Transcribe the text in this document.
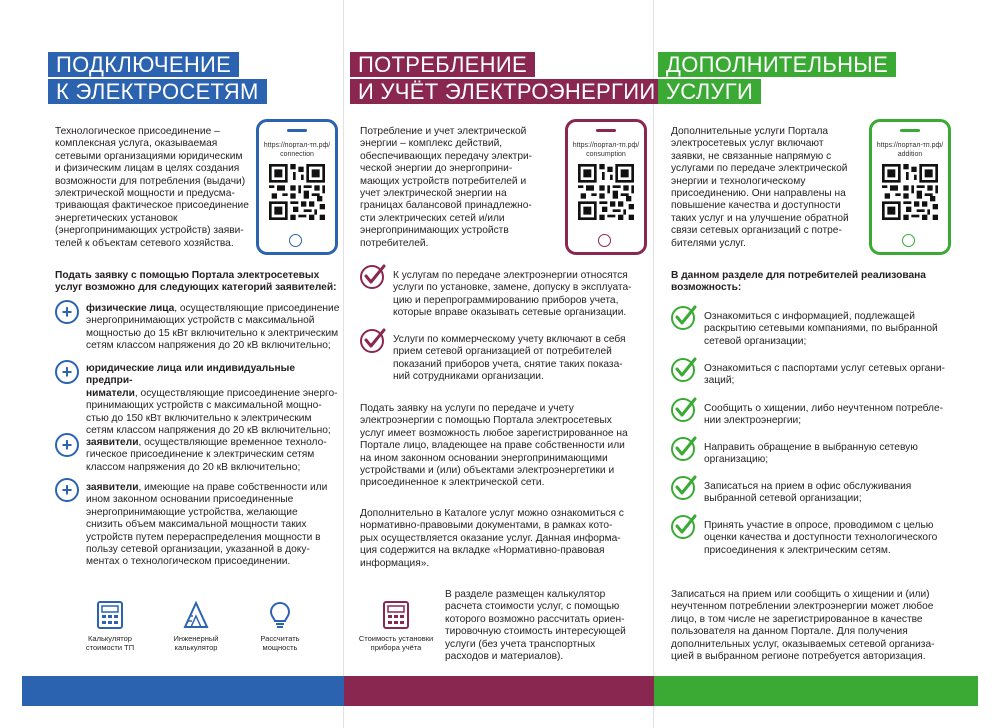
ПОДКЛЮЧЕНИЕ
К ЭЛЕКТРОСЕТЯМ
https://портал-тп.рф/
connection
Технологическое присоединение –
комплексная услуга, оказываемая
сетевыми организациями юридическим
и физическим лицам в целях создания
возможности для потребления (выдачи)
электрической мощности и предусма-
тривающая фактическое присоединение
энергетических установок
(энергопринимающих устройств) заяви-
телей к объектам сетевого хозяйства.
Подать заявку с помощью Портала электросетевых
услуг возможно для следующих категорий заявителей:
+	физические лица, осуществляющие присоединение
энергопринимающих устройств с максимальной
мощностью до 15 кВт включительно к электрическим
сетям классом напряжения до 20 кВ включительно;
+	юридические лица или индивидуальные предпри-
ниматели, осуществляющие присоединение энерго-
принимающих устройств с максимальной мощно-
стью до 150 кВт включительно к электрическим
сетям классом напряжения до 20 кВ включительно;
+	заявители, осуществляющие временное техноло-
гическое присоединение к электрическим сетям
классом напряжения до 20 кВ включительно;
+	заявители, имеющие на праве собственности или
ином законном основании присоединенные
энергопринимающие устройства, желающие
снизить объем максимальной мощности таких
устройств путем перераспределения мощности в
пользу сетевой организации, указанной в доку-
ментах о технологическом присоединении.
Калькулятор
стоимости ТП
Инженерный
калькулятор
Рассчитать
мощность
ПОТРЕБЛЕНИЕ
И УЧЁТ ЭЛЕКТРОЭНЕРГИИ
https://портал-тп.рф/
consumption
Потребление и учет электрической
энергии – комплекс действий,
обеспечивающих передачу электри-
ческой энергии до энергоприни-
мающих устройств потребителей и
учет электрической энергии на
границах балансовой принадлежно-
сти электрических сетей и/или
энергопринимающих устройств
потребителей.
К услугам по передаче электроэнергии относятся
услуги по установке, замене, допуску в эксплуата-
цию и перепрограммированию приборов учета,
которые вправе оказывать сетевые организации.
Услуги по коммерческому учету включают в себя
прием сетевой организацией от потребителей
показаний приборов учета, снятие таких показа-
ний сотрудниками организации.
Подать заявку на услуги по передаче и учету
электроэнергии с помощью Портала электросетевых
услуг имеет возможность любое зарегистрированное на
Портале лицо, владеющее на праве собственности или
на ином законном основании энергопринимающими
устройствами и (или) объектами электроэнергетики и
присоединенное к электрической сети.
Дополнительно в Каталоге услуг можно ознакомиться с
нормативно-правовыми документами, в рамках кото-
рых осуществляется оказание услуг. Данная информа-
ция содержится на вкладке «Нормативно-правовая
информация».
Стоимость установки
прибора учёта
В разделе размещен калькулятор
расчета стоимости услуг, с помощью
которого возможно рассчитать ориен-
тировочную стоимость интересующей
услуги (без учета транспортных
расходов и материалов).
ДОПОЛНИТЕЛЬНЫЕ
УСЛУГИ
https://портал-тп.рф/
addition
Дополнительные услуги Портала
электросетевых услуг включают
заявки, не связанные напрямую с
услугами по передаче электрической
энергии и технологическому
присоединению. Они направлены на
повышение качества и доступности
таких услуг и на улучшение обратной
связи сетевых организаций с потре-
бителями услуг.
В данном разделе для потребителей реализована
возможность:
Ознакомиться с информацией, подлежащей
раскрытию сетевыми компаниями, по выбранной
сетевой организации;
Ознакомиться с паспортами услуг сетевых органи-
заций;
Сообщить о хищении, либо неучтенном потребле-
нии электроэнергии;
Направить обращение в выбранную сетевую
организацию;
Записаться на прием в офис обслуживания
выбранной сетевой организации;
Принять участие в опросе, проводимом с целью
оценки качества и доступности технологического
присоединения к электрическим сетям.
Записаться на прием или сообщить о хищении и (или)
неучтенном потреблении электроэнергии может любое
лицо, в том числе не зарегистрированное в качестве
пользователя на данном Портале. Для получения
дополнительных услуг, оказываемых сетевой организа-
цией в выбранном регионе потребуется авторизация.
